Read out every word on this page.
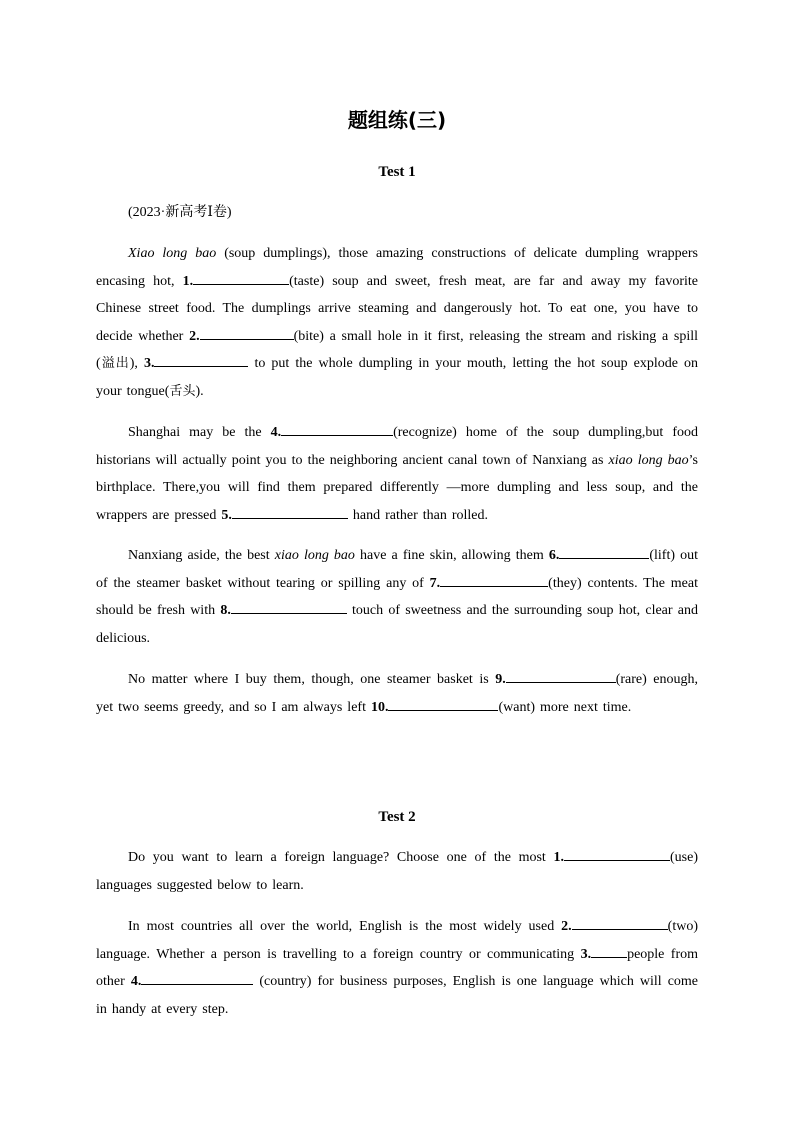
题组练(三)
Test 1
(2023·新高考Ⅰ卷)
Xiao long bao (soup dumplings), those amazing constructions of delicate dumpling wrappers encasing hot, 1.	(taste) soup and sweet, fresh meat, are far and away my favorite Chinese street food. The dumplings arrive steaming and dangerously hot. To eat one, you have to decide whether 2.	(bite) a small hole in it first, releasing the stream and risking a spill (溢出), 3.	to put the whole dumpling in your mouth, letting the hot soup explode on your tongue(舌头).
Shanghai may be the 4.	(recognize) home of the soup dumpling,but food historians will actually point you to the neighboring ancient canal town of Nanxiang as xiao long bao’s birthplace. There,you will find them prepared differently —more dumpling and less soup, and the wrappers are pressed 5.	hand rather than rolled.
Nanxiang aside, the best xiao long bao have a fine skin, allowing them 6.	(lift) out of the steamer basket without tearing or spilling any of 7.	(they) contents. The meat should be fresh with 8.	touch of sweetness and the surrounding soup hot, clear and delicious.
No matter where I buy them, though, one steamer basket is 9.	(rare) enough, yet two seems greedy, and so I am always left 10.	(want) more next time.
Test 2
Do you want to learn a foreign language? Choose one of the most 1.	(use) languages suggested below to learn.
In most countries all over the world, English is the most widely used 2.	(two) language. Whether a person is travelling to a foreign country or communicating 3.	people from other 4.	(country) for business purposes, English is one language which will come in handy at every step.
